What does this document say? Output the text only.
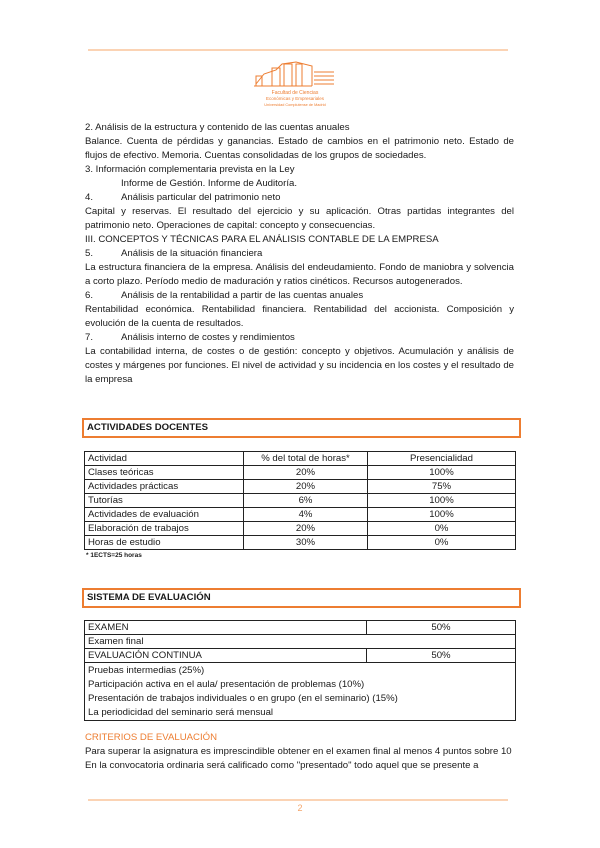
Facultad de Ciencias
Económicas y Empresariales
Universidad Complutense de Madrid

2. Análisis de la estructura y contenido de las cuentas anuales

Balance. Cuenta de pérdidas y ganancias. Estado de cambios en el patrimonio neto. Estado de flujos de efectivo. Memoria. Cuentas consolidadas de los grupos de sociedades.

3. Información complementaria prevista en la Ley

Informe de Gestión. Informe de Auditoría.

4.	Análisis particular del patrimonio neto

Capital y reservas. El resultado del ejercicio y su aplicación. Otras partidas integrantes del patrimonio neto. Operaciones de capital: concepto y consecuencias.

III. CONCEPTOS Y TÉCNICAS PARA EL ANÁLISIS CONTABLE DE LA EMPRESA

5.	Análisis de la situación financiera

La estructura financiera de la empresa. Análisis del endeudamiento. Fondo de maniobra y solvencia a corto plazo. Período medio de maduración y ratios cinéticos. Recursos autogenerados.

6.	Análisis de la rentabilidad a partir de las cuentas anuales

Rentabilidad económica. Rentabilidad financiera. Rentabilidad del accionista. Composición y evolución de la cuenta de resultados.

7.	Análisis interno de costes y rendimientos

La contabilidad interna, de costes o de gestión: concepto y objetivos. Acumulación y análisis de costes y márgenes por funciones. El nivel de actividad y su incidencia en los costes y el resultado de la empresa

ACTIVIDADES DOCENTES
Actividad	% del total de horas*	Presencialidad
Clases teóricas	20%	100%
Actividades prácticas	20%	75%
Tutorías	6%	100%
Actividades de evaluación	4%	100%
Elaboración de trabajos	20%	0%
Horas de estudio	30%	0%
* 1ECTS=25 horas
SISTEMA DE EVALUACIÓN
EXAMEN	50%
Examen final	
EVALUACIÓN CONTINUA	50%

Pruebas intermedias (25%)
Participación activa en el aula/ presentación de problemas (10%)
Presentación de trabajos individuales o en grupo (en el seminario) (15%)
La periodicidad del seminario será mensual	
CRITERIOS DE EVALUACIÓN

Para superar la asignatura es imprescindible obtener en el examen final al menos 4 puntos sobre 10

En la convocatoria ordinaria será calificado como "presentado" todo aquel que se presente a

2
